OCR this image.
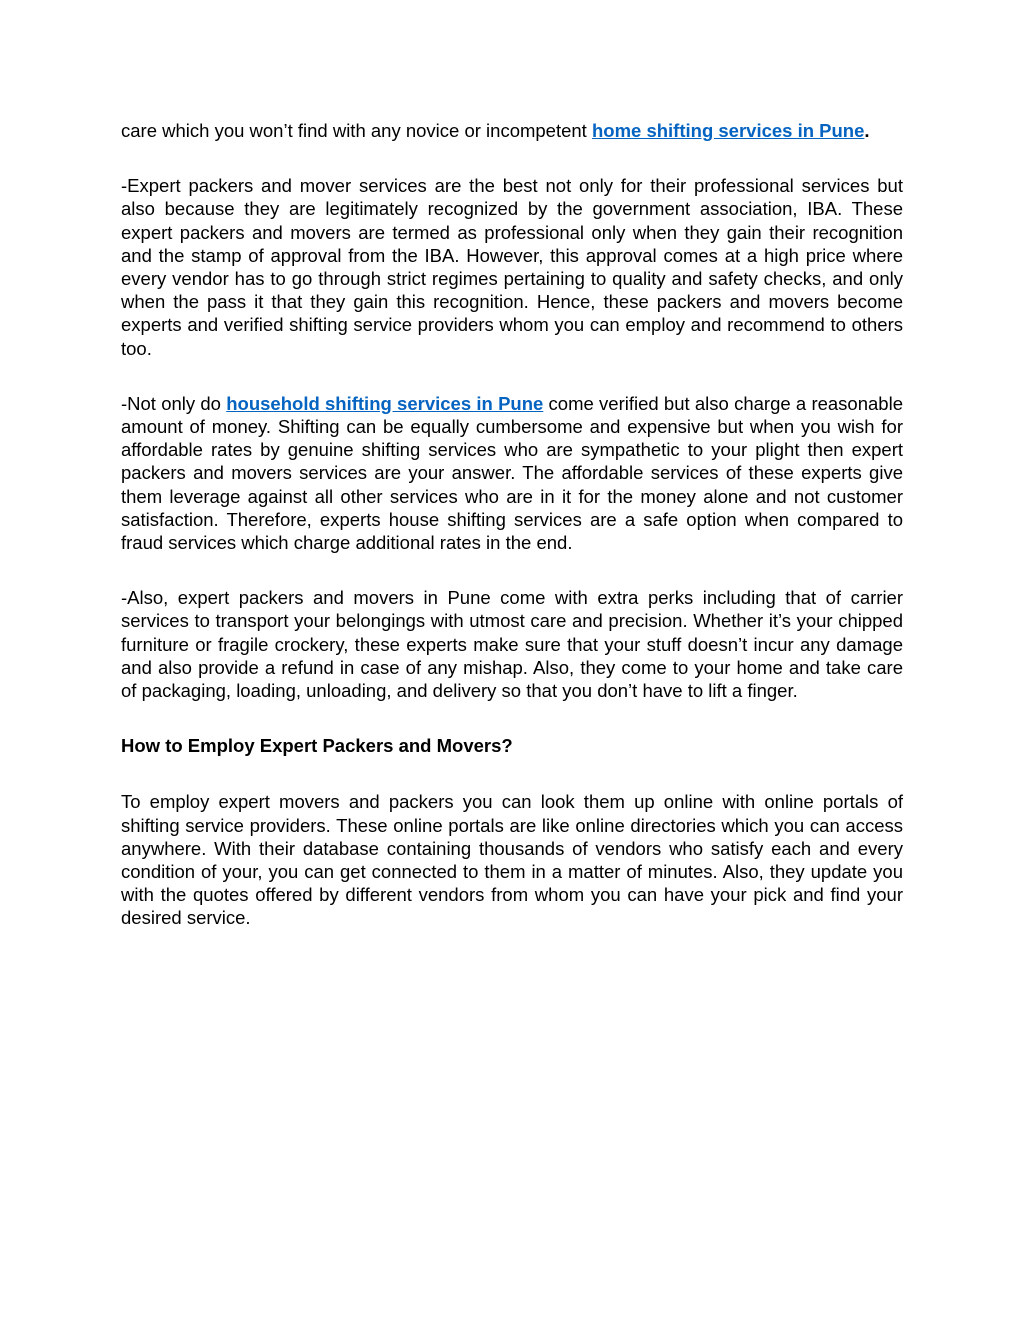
care which you won’t find with any novice or incompetent home shifting services in Pune.

-Expert packers and mover services are the best not only for their professional services but also because they are legitimately recognized by the government association, IBA. These expert packers and movers are termed as professional only when they gain their recognition and the stamp of approval from the IBA. However, this approval comes at a high price where every vendor has to go through strict regimes pertaining to quality and safety checks, and only when the pass it that they gain this recognition. Hence, these packers and movers become experts and verified shifting service providers whom you can employ and recommend to others too.

-Not only do household shifting services in Pune come verified but also charge a reasonable amount of money. Shifting can be equally cumbersome and expensive but when you wish for affordable rates by genuine shifting services who are sympathetic to your plight then expert packers and movers services are your answer. The affordable services of these experts give them leverage against all other services who are in it for the money alone and not customer satisfaction. Therefore, experts house shifting services are a safe option when compared to fraud services which charge additional rates in the end.

-Also, expert packers and movers in Pune come with extra perks including that of carrier services to transport your belongings with utmost care and precision. Whether it’s your chipped furniture or fragile crockery, these experts make sure that your stuff doesn’t incur any damage and also provide a refund in case of any mishap. Also, they come to your home and take care of packaging, loading, unloading, and delivery so that you don’t have to lift a finger.

How to Employ Expert Packers and Movers?

To employ expert movers and packers you can look them up online with online portals of shifting service providers. These online portals are like online directories which you can access anywhere. With their database containing thousands of vendors who satisfy each and every condition of your, you can get connected to them in a matter of minutes. Also, they update you with the quotes offered by different vendors from whom you can have your pick and find your desired service.
